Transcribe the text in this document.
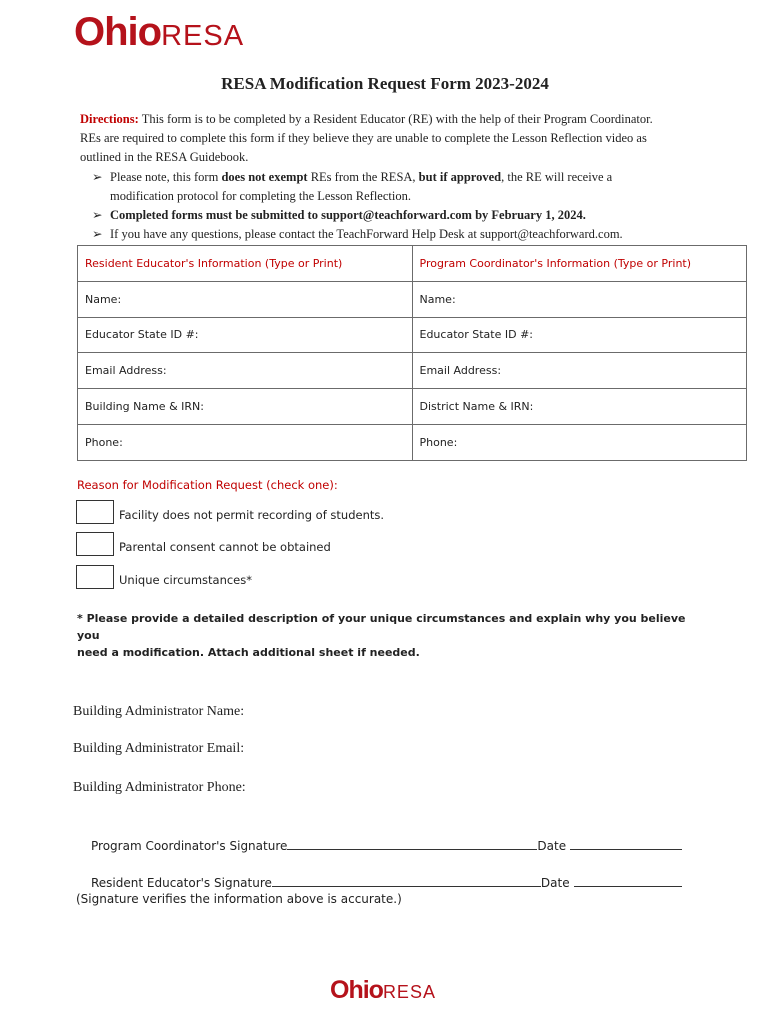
OhioRESA
RESA Modification Request Form 2023-2024
Directions: This form is to be completed by a Resident Educator (RE) with the help of their Program Coordinator.
REs are required to complete this form if they believe they are unable to complete the Lesson Reflection video as
outlined in the RESA Guidebook.
➢ Please note, this form does not exempt REs from the RESA, but if approved, the RE will receive a
modification protocol for completing the Lesson Reflection.
➢ Completed forms must be submitted to support@teachforward.com by February 1, 2024.
➢ If you have any questions, please contact the TeachForward Help Desk at support@teachforward.com.
Resident Educator's Information (Type or Print)	Program Coordinator's Information (Type or Print)
Name:	Name:
Educator State ID #:	Educator State ID #:
Email Address:	Email Address:
Building Name & IRN:	District Name & IRN:
Phone:	Phone:
Reason for Modification Request (check one):
Facility does not permit recording of students.
Parental consent cannot be obtained
Unique circumstances*
* Please provide a detailed description of your unique circumstances and explain why you believe you
need a modification. Attach additional sheet if needed.
Building Administrator Name:
Building Administrator Email:
Building Administrator Phone:
Program Coordinator's Signature	Date
Resident Educator's Signature	Date
(Signature verifies the information above is accurate.)
OhioRESA
